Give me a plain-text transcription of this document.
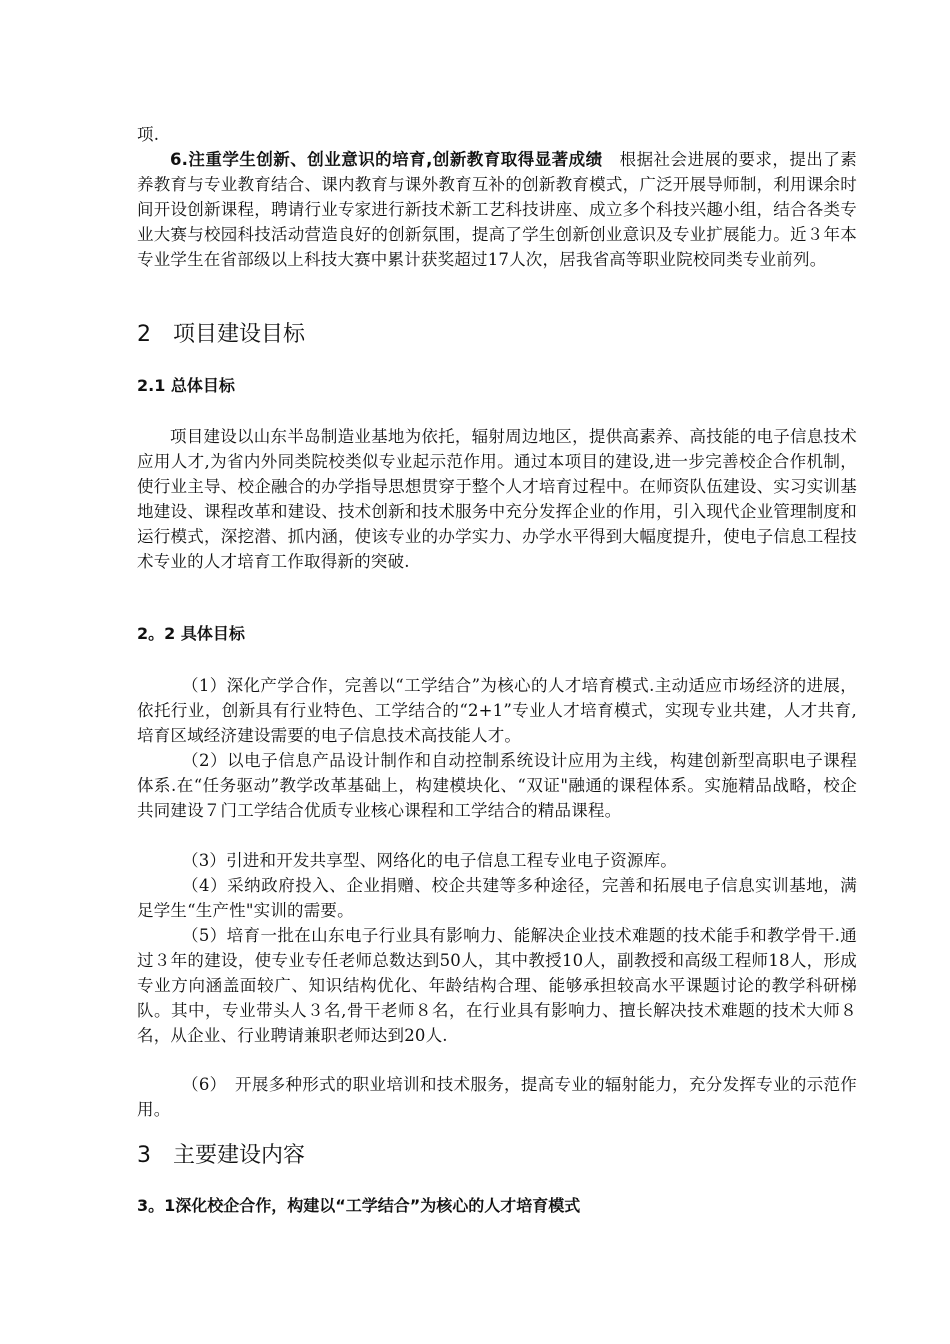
项.

6.注重学生创新、创业意识的培育,创新教育取得显著成绩　根据社会进展的要求，提出了素养教育与专业教育结合、课内教育与课外教育互补的创新教育模式，广泛开展导师制，利用课余时间开设创新课程，聘请行业专家进行新技术新工艺科技讲座、成立多个科技兴趣小组，结合各类专业大赛与校园科技活动营造良好的创新氛围，提高了学生创新创业意识及专业扩展能力。近３年本专业学生在省部级以上科技大赛中累计获奖超过17人次，居我省高等职业院校同类专业前列。

2 项目建设目标
2.1 总体目标

项目建设以山东半岛制造业基地为依托，辐射周边地区，提供高素养、高技能的电子信息技术应用人才,为省内外同类院校类似专业起示范作用。通过本项目的建设,进一步完善校企合作机制，使行业主导、校企融合的办学指导思想贯穿于整个人才培育过程中。在师资队伍建设、实习实训基地建设、课程改革和建设、技术创新和技术服务中充分发挥企业的作用，引入现代企业管理制度和运行模式，深挖潜、抓内涵，使该专业的办学实力、办学水平得到大幅度提升，使电子信息工程技术专业的人才培育工作取得新的突破.

2。2 具体目标

（1）深化产学合作，完善以“工学结合”为核心的人才培育模式.主动适应市场经济的进展，依托行业，创新具有行业特色、工学结合的“2+1”专业人才培育模式，实现专业共建，人才共育,培育区域经济建设需要的电子信息技术高技能人才。

（2）以电子信息产品设计制作和自动控制系统设计应用为主线，构建创新型高职电子课程体系.在“任务驱动”教学改革基础上，构建模块化、“双证"融通的课程体系。实施精品战略，校企共同建设７门工学结合优质专业核心课程和工学结合的精品课程。

（3）引进和开发共享型、网络化的电子信息工程专业电子资源库。

（4）采纳政府投入、企业捐赠、校企共建等多种途径，完善和拓展电子信息实训基地，满足学生“生产性"实训的需要。

（5）培育一批在山东电子行业具有影响力、能解决企业技术难题的技术能手和教学骨干.通过３年的建设，使专业专任老师总数达到50人，其中教授10人，副教授和高级工程师18人，形成专业方向涵盖面较广、知识结构优化、年龄结构合理、能够承担较高水平课题讨论的教学科研梯队。其中，专业带头人３名,骨干老师８名，在行业具有影响力、擅长解决技术难题的技术大师８名，从企业、行业聘请兼职老师达到20人.

（6）　开展多种形式的职业培训和技术服务，提高专业的辐射能力，充分发挥专业的示范作用。

3 主要建设内容
3。1深化校企合作，构建以“工学结合”为核心的人才培育模式
